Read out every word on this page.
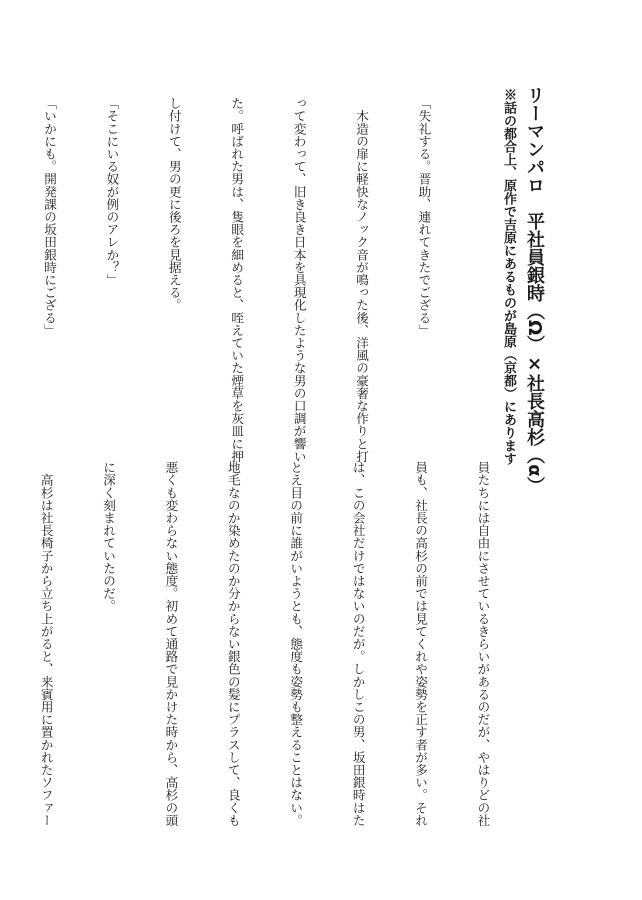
リーマンパロ　平社員銀時（Ω）×社長高杉（α）
※話の都合上、原作で吉原にあるものが島原（京都）にあります

「失礼する。晋助、連れてきたでござる」

　木造の扉に軽快なノック音が鳴った後、洋風の豪奢な作りと打

って変わって、旧き良き日本を具現化したような男の口調が響い

た。呼ばれた男は、隻眼を細めると、咥えていた煙草を灰皿に押

し付けて、男の更に後ろを見据える。

「そこにいる奴が例のアレか？」

「いかにも。開発課の坂田銀時にござる」

員たちには自由にさせているきらいがあるのだが、やはりどの社

員も、社長の高杉の前では見てくれや姿勢を正す者が多い。それ

は、この会社だけではないのだが。しかしこの男、坂田銀時はた

とえ目の前に誰がいようとも、態度も姿勢も整えることはない。

地毛なのか染めたのか分からない銀色の髪にプラスして、良くも

悪くも変わらない態度。初めて通路で見かけた時から、高杉の頭

に深く刻まれていたのだ。

　高杉は社長椅子から立ち上がると、来賓用に置かれたソファー
